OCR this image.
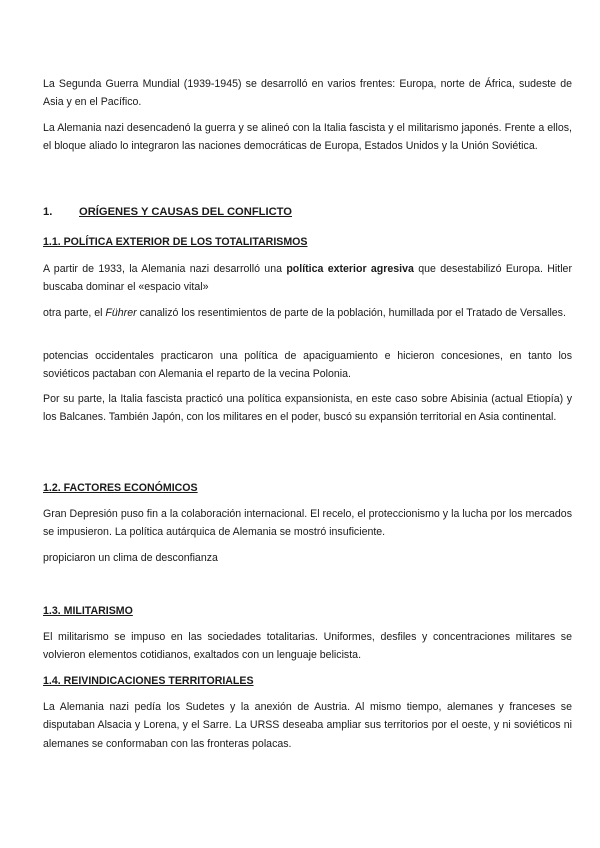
La Segunda Guerra Mundial (1939-1945) se desarrolló en varios frentes: Europa, norte de África, sudeste de Asia y en el Pacífico.

La Alemania nazi desencadenó la guerra y se alineó con la Italia fascista y el militarismo japonés. Frente a ellos, el bloque aliado lo integraron las naciones democráticas de Europa, Estados Unidos y la Unión Soviética.

1. ORÍGENES Y CAUSAS DEL CONFLICTO
1.1. POLÍTICA EXTERIOR DE LOS TOTALITARISMOS

A partir de 1933, la Alemania nazi desarrolló una política exterior agresiva que desestabilizó Europa. Hitler buscaba dominar el «espacio vital»

otra parte, el Führer canalizó los resentimientos de parte de la población, humillada por el Tratado de Versalles.

potencias occidentales practicaron una política de apaciguamiento e hicieron concesiones, en tanto los soviéticos pactaban con Alemania el reparto de la vecina Polonia.

Por su parte, la Italia fascista practicó una política expansionista, en este caso sobre Abisinia (actual Etiopía) y los Balcanes. También Japón, con los militares en el poder, buscó su expansión territorial en Asia continental.

1.2. FACTORES ECONÓMICOS

Gran Depresión puso fin a la colaboración internacional. El recelo, el proteccionismo y la lucha por los mercados se impusieron. La política autárquica de Alemania se mostró insuficiente.

propiciaron un clima de desconfianza

1.3. MILITARISMO

El militarismo se impuso en las sociedades totalitarias. Uniformes, desfiles y concentraciones militares se volvieron elementos cotidianos, exaltados con un lenguaje belicista.

1.4. REIVINDICACIONES TERRITORIALES

La Alemania nazi pedía los Sudetes y la anexión de Austria. Al mismo tiempo, alemanes y franceses se disputaban Alsacia y Lorena, y el Sarre. La URSS deseaba ampliar sus territorios por el oeste, y ni soviéticos ni alemanes se conformaban con las fronteras polacas.
